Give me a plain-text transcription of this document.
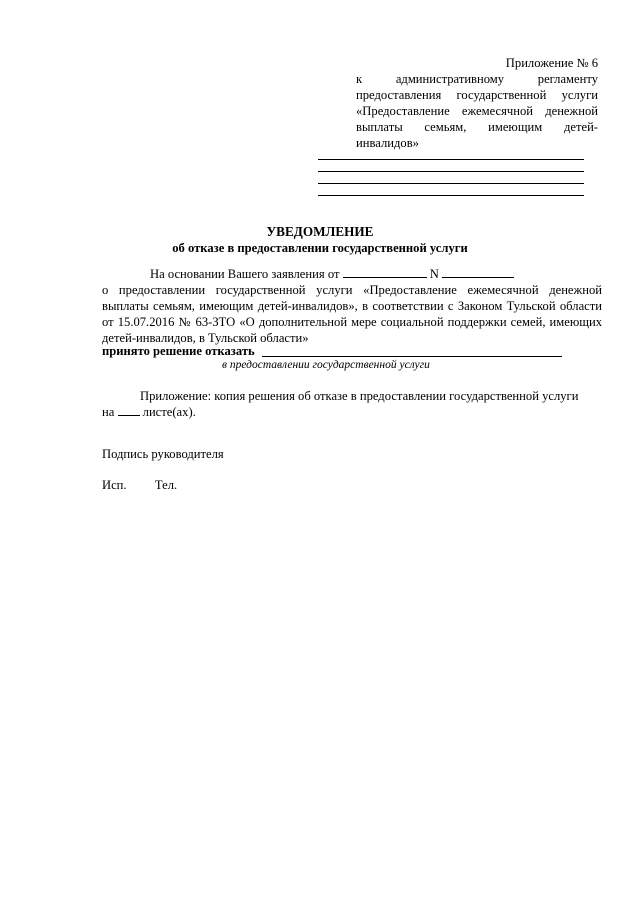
Приложение № 6
к административному регламенту
предоставления государственной услуги
«Предоставление ежемесячной денежной
выплаты семьям, имеющим детей-инвалидов»
УВЕДОМЛЕНИЕ
об отказе в предоставлении государственной услуги
На основании Вашего заявления от	N
о предоставлении государственной услуги «Предоставление ежемесячной денежной выплаты семьям, имеющим детей-инвалидов», в соответствии с Законом Тульской области от 15.07.2016 № 63-ЗТО «О дополнительной мере социальной поддержки семей, имеющих детей-инвалидов, в Тульской области»
принято решение отказать
в предоставлении государственной услуги
Приложение: копия решения об отказе в предоставлении государственной услуги
на листе(ах).
Подпись руководителя
Исп. Тел.
